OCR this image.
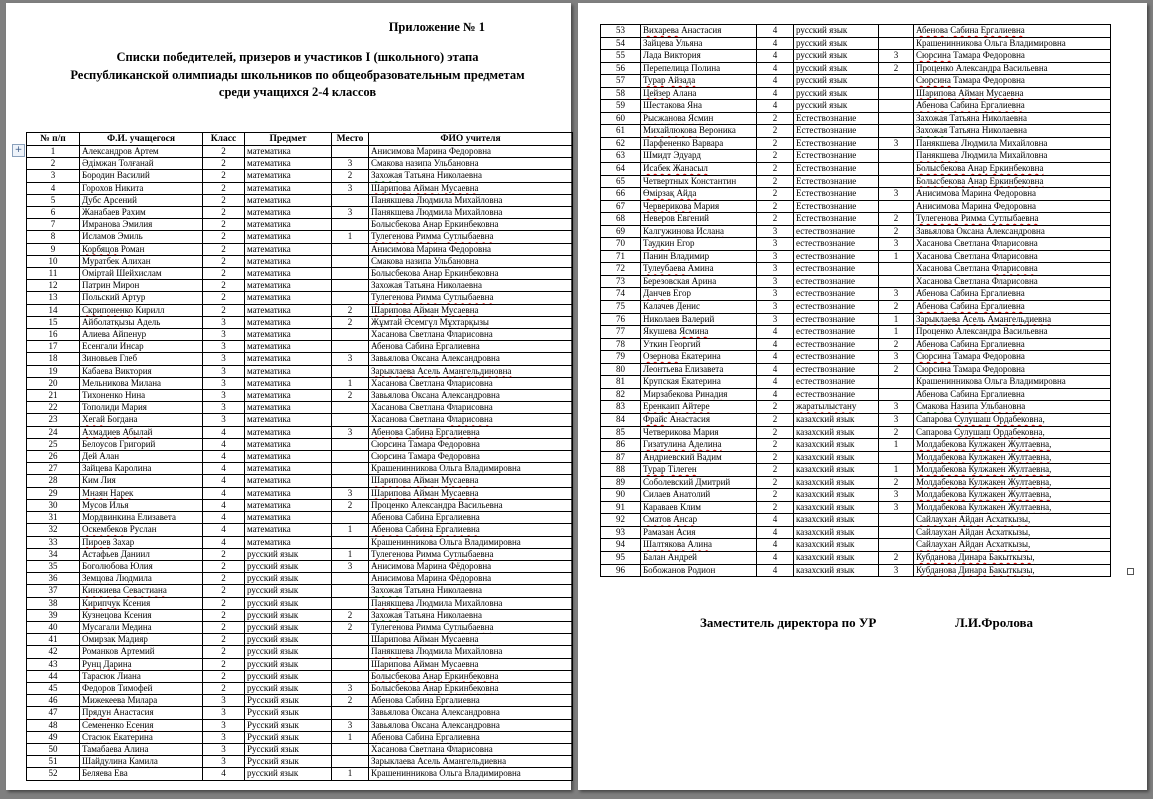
Приложение № 1
Списки победителей, призеров и участиков I (школьного) этапа
Республиканской олимпиады школьников по общеобразовательным предметам
среди учащихся 2-4 классов
+
№ п/п	Ф.И. учащегося	Класс	Предмет	Место	ФИО учителя
1	Александров Артем	2	математика		Анисимова Марина Федоровна
2	Әдімжан Толғанай	2	математика	3	Смакова назипа Ульбановна
3	Бородин Василий	2	математика	2	Захожая Татьяна Николаевна
4	Горохов Никита	2	математика	3	Шарипова Айман Мусаевна
5	Дубс Арсений	2	математика		Панякшева Людмила Михайловна
6	Жанабаев Рахим	2	математика	3	Панякшева Людмила Михайловна
7	Имранова Эмилия	2	математика		Болысбекова Анар Еркинбековна
8	Исламов Эмиль	2	математика	1	Тулегенова Римма Сутлыбаевна
9	Корбяцов Роман	2	математика		Анисимова Марина Федоровна
10	Муратбек Алихан	2	математика		Смакова назипа Ульбановна
11	Оміртай Шейхислам	2	математика		Болысбекова Анар Еркинбековна
12	Патрин Мирон	2	математика		Захожая Татьяна Николаевна
13	Польский Артур	2	математика		Тулегенова Римма Сутлыбаевна
14	Скрипоненко Кирилл	2	математика	2	Шарипова Айман Мусаевна
15	Айболатқызы Адель	3	математика	2	Жұмтай Әсемгүл Мұхтарқызы
16	Алиева Айпенур	3	математика		Хасанова Светлана Фларисовна
17	Есенгали Инсар	3	математика		Абенова Сабина Ергалиевна
18	Зиновьев Глеб	3	математика	3	Завьялова Оксана Александровна
19	Кабаева Виктория	3	математика		Зарыклаева Асель Амангельдиновна
20	Мельникова Милана	3	математика	1	Хасанова Светлана Фларисовна
21	Тихоненко Нина	3	математика	2	Завьялова Оксана Александровна
22	Тополиди Мария	3	математика		Хасанова Светлана Фларисовна
23	Хегай Богдана	3	математика		Хасанова Светлана Фларисовна
24	Ахмадиев Абылай	4	математика	3	Абенова Сабина Ергалиевна
25	Белоусов Григорий	4	математика		Сюрсина Тамара Федоровна
26	Дей Алан	4	математика		Сюрсина Тамара Федоровна
27	Зайцева Каролина	4	математика		Крашенинникова Ольга Владимировна
28	Ким Лия	4	математика		Шарипова Айман Мусаевна
29	Мнаян Нарек	4	математика	3	Шарипова Айман Мусаевна
30	Мусов Илья	4	математика	2	Проценко Александра Васильевна
31	Мордвинкина Елизавета	4	математика		Абенова Сабина Ергалиевна
32	Оскембеков Руслан	4	математика	1	Абенова Сабина Ергалиевна
33	Пироев Захар	4	математика		Крашенинникова Ольга Владимировна
34	Астафьев Даниил	2	русский язык	1	Тулегенова Римма Сутлыбаевна
35	Боголюбова Юлия	2	русский язык	3	Анисимова Марина Фёдоровна
36	Земцова Людмила	2	русский язык		Анисимова Марина Фёдоровна
37	Кинжиева Севастиана	2	русский язык		Захожая Татьяна Николаевна
38	Кирипчук Ксения	2	русский язык		Панякшева Людмила Михайловна
39	Кузнецова Ксения	2	русский язык	2	Захожая Татьяна Николаевна
40	Мусагали Медина	2	русский язык	2	Тулегенова Римма Сутлыбаевна
41	Омирзак Мадияр	2	русский язык		Шарипова Айман Мусаевна
42	Романков Артемий	2	русский язык		Панякшева Людмила Михайловна
43	Рунц Дарина	2	русский язык		Шарипова Айман Мусаевна
44	Тарасюк Лиана	2	русский язык		Болысбекова Анар Еркинбековна
45	Федоров Тимофей	2	русский язык	3	Болысбекова Анар Еркинбековна
46	Мижекеева Милара	3	Русский язык	2	Абенова Сабина Ергалиевна
47	Прядун Анастасия	3	Русский язык		Завьялова Оксана Александровна
48	Семененко Есения	3	Русский язык	3	Завьялова Оксана Александровна
49	Стасюк Екатерина	3	Русский язык	1	Абенова Сабина Ергалиевна
50	Тамабаева Алина	3	Русский язык		Хасанова Светлана Фларисовна
51	Шайдулина Камила	3	Русский язык		Зарыклаева Асель Амангельдиевна
52	Беляева Ева	4	русский язык	1	Крашенинникова Ольга Владимировна
53	Вихарева Анастасия	4	русский язык		Абенова Сабина Ергалиевна
54	Зайцева Ульяна	4	русский язык		Крашенинникова Ольга Владимировна
55	Лада Виктория	4	русский язык	3	Сюрсина Тамара Федоровна
56	Перепелица Полина	4	русский язык	2	Проценко Александра Васильевна
57	Турар Айзада	4	русский язык		Сюрсина Тамара Федоровна
58	Цейзер Алана	4	русский язык		Шарипова Айман Мусаевна
59	Шестакова Яна	4	русский язык		Абенова Сабина Ергалиевна
60	Рысжанова Ясмин	2	Естествознание		Захожая Татьяна Николаевна
61	Михайлюкова Вероника	2	Естествознание		Захожая Татьяна Николаевна
62	Парфененко Варвара	2	Естествознание	3	Панякшева Людмила Михайловна
63	Шмидт Эдуард	2	Естествознание		Панякшева Людмила Михайловна
64	Исабек Жанасыл	2	Естествознание		Болысбекова Анар Еркинбековна
65	Четвертных Константин	2	Естествознание		Болысбекова Анар Еркинбековна
66	Өмірзақ Айда	2	Естествознание	3	Анисимова Марина Федоровна
67	Черверикова Мария	2	Естествознание		Анисимова Марина Федоровна
68	Неверов Евгений	2	Естествознание	2	Тулегенова Римма Сутлыбаевна
69	Калгужинова Ислана	3	естествознание	2	Завьялова Оксана Александровна
70	Таудкин Егор	3	естествознание	3	Хасанова Светлана Фларисовна
71	Панин Владимир	3	естествознание	1	Хасанова Светлана Фларисовна
72	Тулеубаева Амина	3	естествознание		Хасанова Светлана Фларисовна
73	Березовская Арина	3	естествознание		Хасанова Светлана Фларисовна
74	Данчев Егор	3	естествознание	3	Абенова Сабина Ергалиевна
75	Калачев Денис	3	естествознание	2	Абенова Сабина Ергалиевна
76	Николаев Валерий	3	естествознание	1	Зарыклаева Асель Амангельдиевна
77	Якушева Ясмина	4	естествознание	1	Проценко Александра Васильевна
78	Уткин Георгий	4	естествознание	2	Абенова Сабина Ергалиевна
79	Озернова Екатерина	4	естествознание	3	Сюрсина Тамара Федоровна
80	Леонтьева Елизавета	4	естествознание	2	Сюрсина Тамара Федоровна
81	Крупская Екатерина	4	естествознание		Крашенинникова Ольга Владимировна
82	Мирзабекова Ринадия	4	естествознание		Абенова Сабина Ергалиевна
83	Еренкаип Айтере	2	жаратылыстану	3	Смакова Назипа Ульбановна
84	Фрайс Анастасия	2	казахский язык	3	Сапарова Сулушаш Ордабековна,
85	Четверикова Мария	2	казахский язык	2	Сапарова Сулушаш Ордабековна,
86	Гизатулина Аделина	2	казахский язык	1	Молдабекова Кулжакен Жултаевна,
87	Андриевский Вадим	2	казахский язык		Молдабекова Кулжакен Жултаевна,
88	Турар Тілеген	2	казахский язык	1	Молдабекова Кулжакен Жултаевна,
89	Соболевский Дмитрий	2	казахский язык	2	Молдабекова Кулжакен Жултаевна,
90	Силаев Анатолий	2	казахский язык	3	Молдабекова Кулжакен Жултаевна,
91	Караваев Клим	2	казахский язык	3	Молдабекова Кулжакен Жултаевна,
92	Сматов Ансар	4	казахский язык		Сайлаухан Айдан Асхаткызы,
93	Рамазан Асия	4	казахский язык		Сайлаухан Айдан Асхаткызы,
94	Шалтякова Алина	4	казахский язык		Сайлаухан Айдан Асхаткызы,
95	Балан Андрей	4	казахский язык	2	Кубданова Динара Бакыткызы,
96	Бобожанов Родион	4	казахский язык	3	Кубданова Динара Бакыткызы,
Заместитель директора по УР	Л.И.Фролова
